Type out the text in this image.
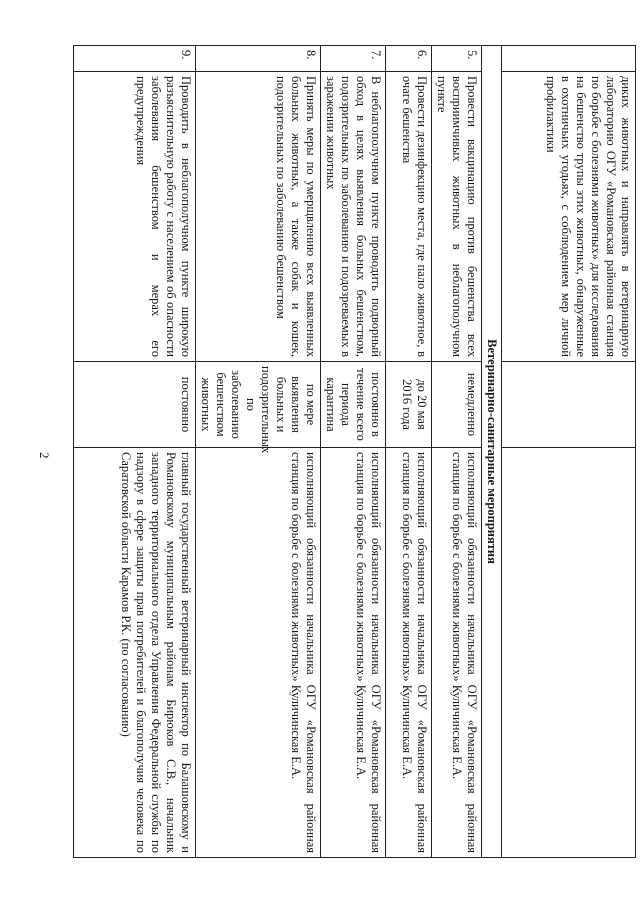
2
	диких животных и направлять в ветеринарную лабораторию ОГУ «Романовская районная станция по борьбе с болезнями животных» для исследования на бешенство трупы этих животных, обнаруженные в охотничьих угодьях, с соблюдением мер личной профилактики		
Ветеринарно-санитарные мероприятия			
5.	Провести вакцинацию против бешенства всех восприимчивых животных в неблагополучном пункте	немедленно	исполняющий обязанности начальника ОГУ «Романовская районная станция по борьбе с болезнями животных» Куличинская Е.А.
6.	Провести дезинфекцию места, где пало животное, в очаге бешенства	до 20 мая 2016 года	исполняющий обязанности начальника ОГУ «Романовская районная станция по борьбе с болезнями животных» Куличинская Е.А.
7.	В неблагополучном пункте проводить подворный обход в целях выявления больных бешенством, подозрительных по заболеванию и подозреваемых в заражении животных	постоянно в течение всего периода карантина	исполняющий обязанности начальника ОГУ «Романовская районная станция по борьбе с болезнями животных» Куличинская Е.А.
8.	Принять меры по умерщвлению всех выявленных больных животных, а также собак и кошек, подозрительных по заболеванию бешенством	по мере выявления больных и подозрительных по заболеванию бешенством животных	исполняющий обязанности начальника ОГУ «Романовская районная станция по борьбе с болезнями животных» Куличинская Е.А.
9.	Проводить в неблагополучном пункте широкую разъяснительную работу с населением об опасности заболевания бешенством и мерах его предупреждения	постоянно	главный государственный ветеринарный инспектор по Балашовскому и Романовскому муниципальным районам Бирюков С.В., начальник западного территориального отдела Управления Федеральной службы по надзору в сфере защиты прав потребителей и благополучия человека по Саратовской области Карамов Р.К. (по согласованию)
